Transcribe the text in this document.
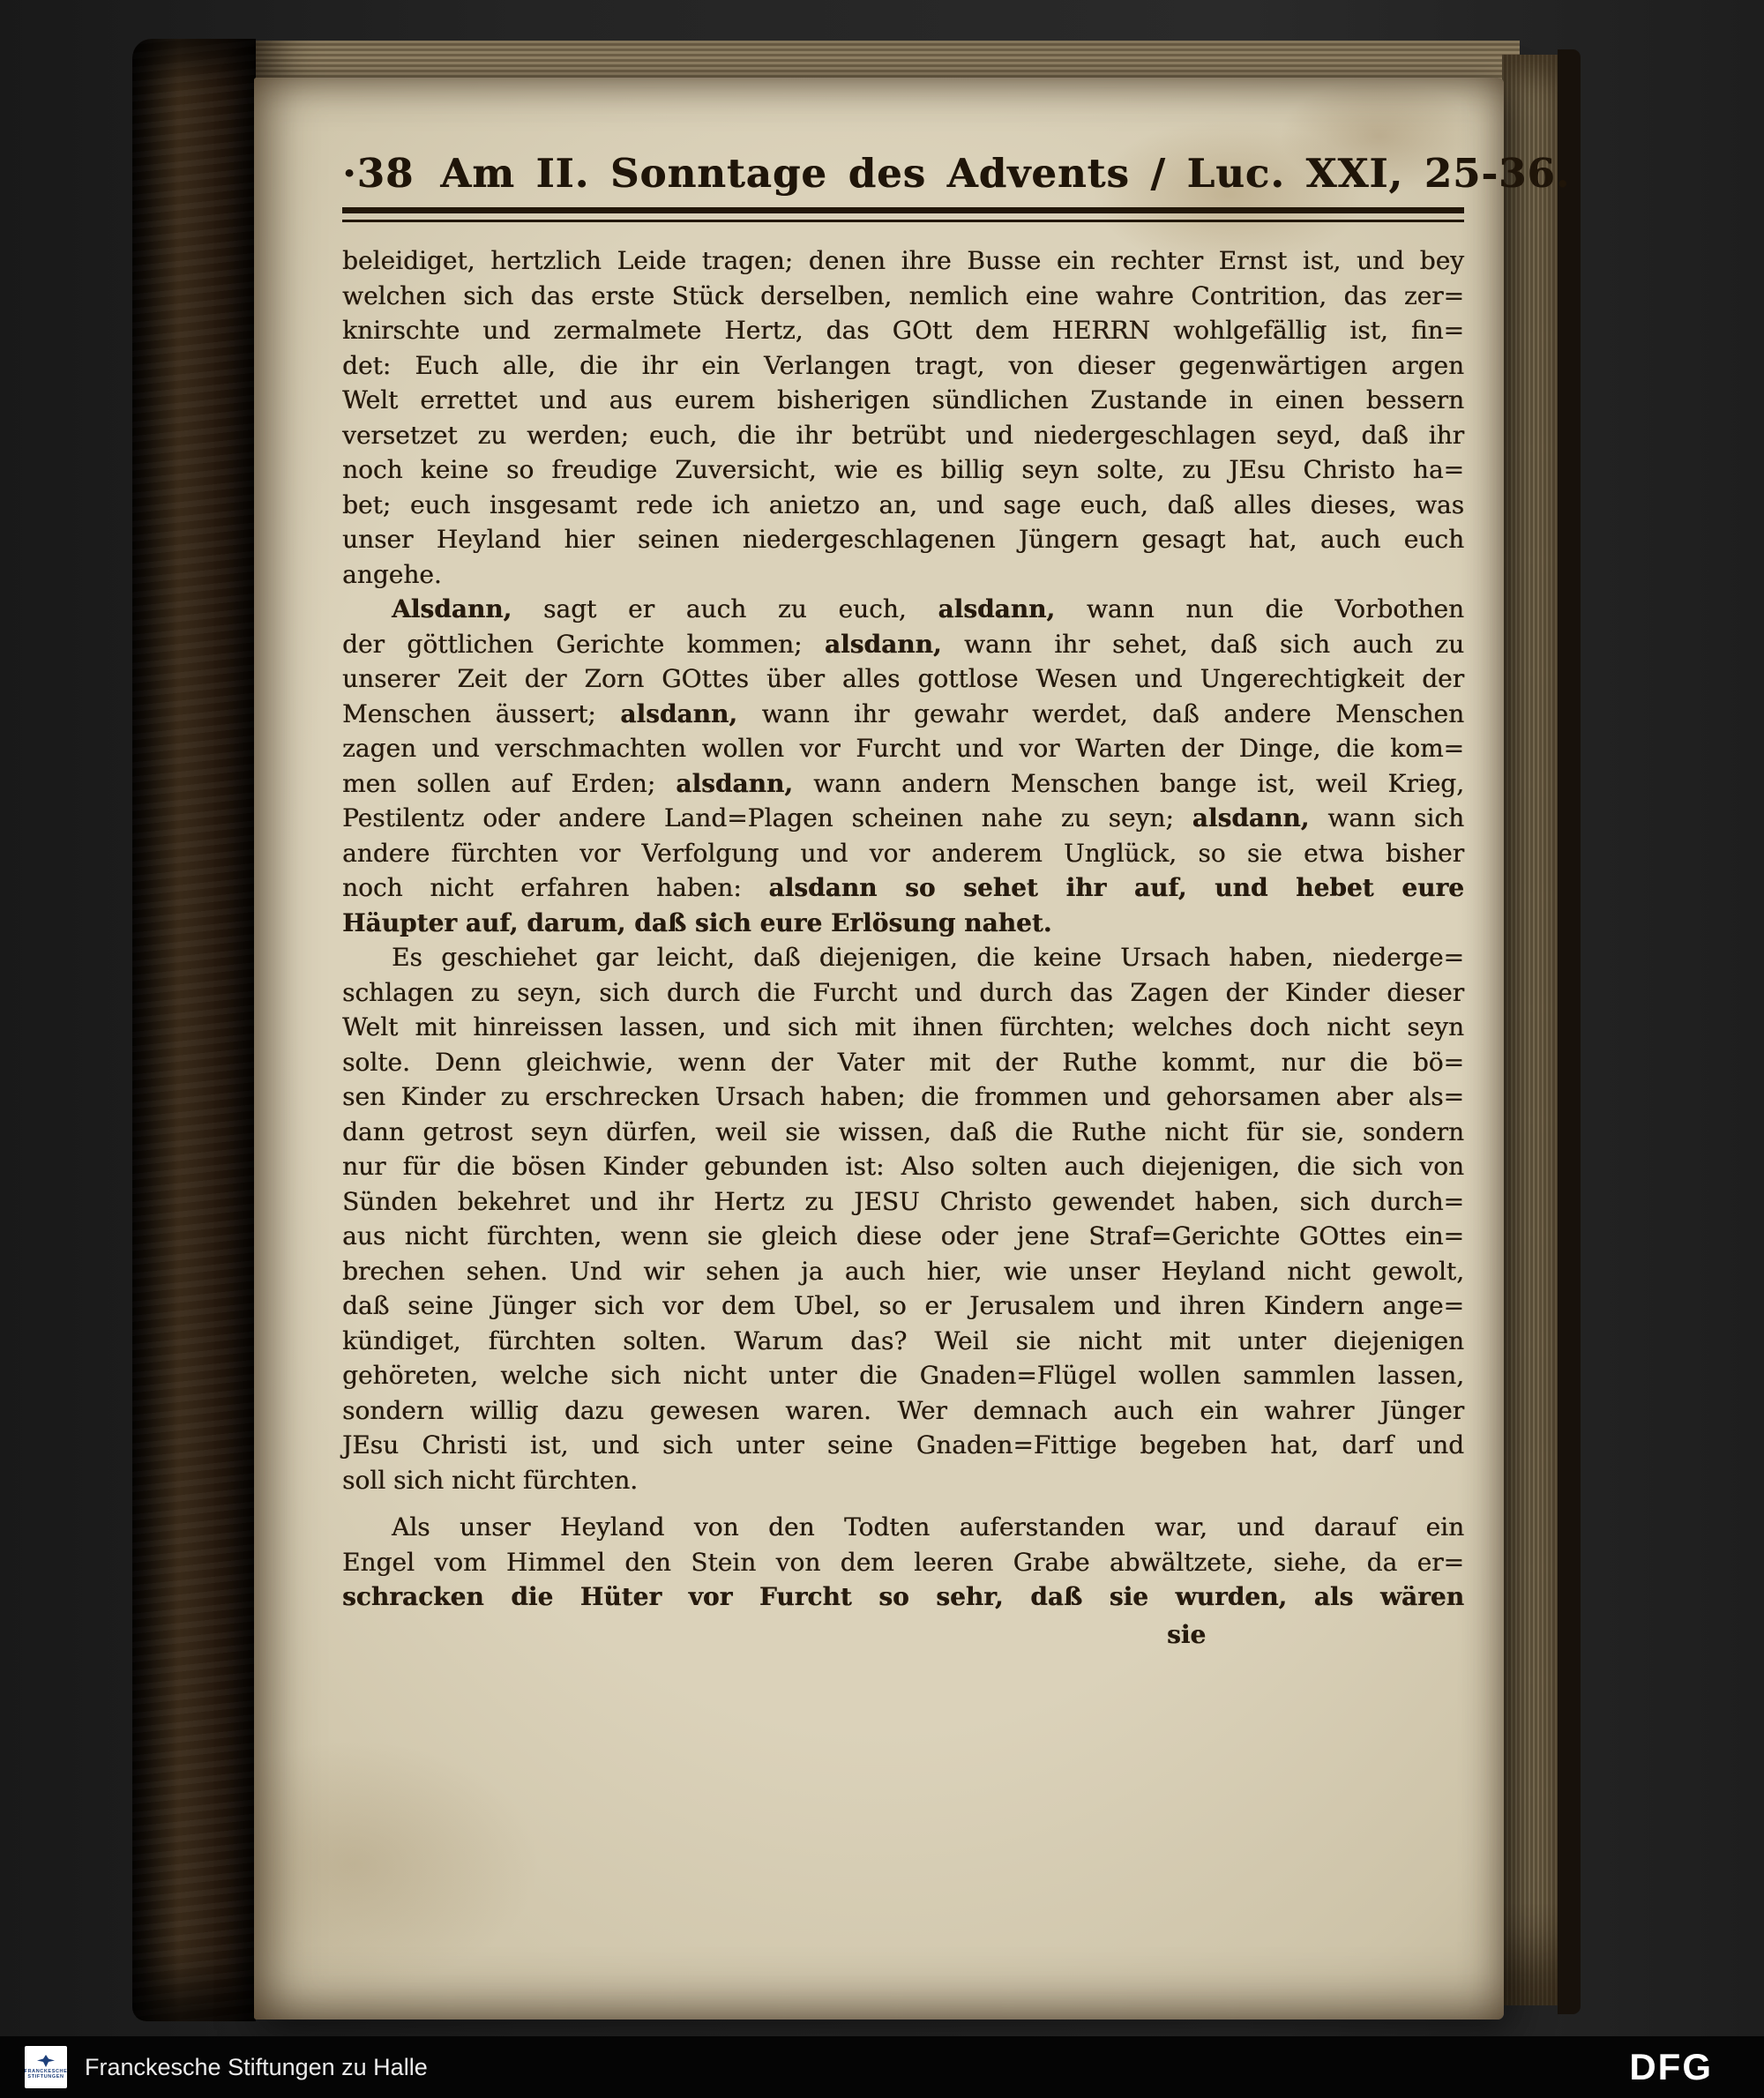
·38 Am II. Sonntage des Advents / Luc. XXI, 25-36.
beleidiget, hertzlich Leide tragen; denen ihre Busse ein rechter Ernst ist, und bey
welchen sich das erste Stück derselben, nemlich eine wahre Contrition, das zer=
knirschte und zermalmete Hertz, das GOtt dem HERRN wohlgefällig ist, fin=
det: Euch alle, die ihr ein Verlangen tragt, von dieser gegenwärtigen argen
Welt errettet und aus eurem bisherigen sündlichen Zustande in einen bessern
versetzet zu werden; euch, die ihr betrübt und niedergeschlagen seyd, daß ihr
noch keine so freudige Zuversicht, wie es billig seyn solte, zu JEsu Christo ha=
bet; euch insgesamt rede ich anietzo an, und sage euch, daß alles dieses, was
unser Heyland hier seinen niedergeschlagenen Jüngern gesagt hat, auch euch
angehe.
Alsdann, sagt er auch zu euch, alsdann, wann nun die Vorbothen
der göttlichen Gerichte kommen; alsdann, wann ihr sehet, daß sich auch zu
unserer Zeit der Zorn GOttes über alles gottlose Wesen und Ungerechtigkeit der
Menschen äussert; alsdann, wann ihr gewahr werdet, daß andere Menschen
zagen und verschmachten wollen vor Furcht und vor Warten der Dinge, die kom=
men sollen auf Erden; alsdann, wann andern Menschen bange ist, weil Krieg,
Pestilentz oder andere Land=Plagen scheinen nahe zu seyn; alsdann, wann sich
andere fürchten vor Verfolgung und vor anderem Unglück, so sie etwa bisher
noch nicht erfahren haben: alsdann so sehet ihr auf, und hebet eure
Häupter auf, darum, daß sich eure Erlösung nahet.
Es geschiehet gar leicht, daß diejenigen, die keine Ursach haben, niederge=
schlagen zu seyn, sich durch die Furcht und durch das Zagen der Kinder dieser
Welt mit hinreissen lassen, und sich mit ihnen fürchten; welches doch nicht seyn
solte. Denn gleichwie, wenn der Vater mit der Ruthe kommt, nur die bö=
sen Kinder zu erschrecken Ursach haben; die frommen und gehorsamen aber als=
dann getrost seyn dürfen, weil sie wissen, daß die Ruthe nicht für sie, sondern
nur für die bösen Kinder gebunden ist: Also solten auch diejenigen, die sich von
Sünden bekehret und ihr Hertz zu JESU Christo gewendet haben, sich durch=
aus nicht fürchten, wenn sie gleich diese oder jene Straf=Gerichte GOttes ein=
brechen sehen. Und wir sehen ja auch hier, wie unser Heyland nicht gewolt,
daß seine Jünger sich vor dem Ubel, so er Jerusalem und ihren Kindern ange=
kündiget, fürchten solten. Warum das? Weil sie nicht mit unter diejenigen
gehöreten, welche sich nicht unter die Gnaden=Flügel wollen sammlen lassen,
sondern willig dazu gewesen waren. Wer demnach auch ein wahrer Jünger
JEsu Christi ist, und sich unter seine Gnaden=Fittige begeben hat, darf und
soll sich nicht fürchten.
Als unser Heyland von den Todten auferstanden war, und darauf ein
Engel vom Himmel den Stein von dem leeren Grabe abwältzete, siehe, da er=
schracken die Hüter vor Furcht so sehr, daß sie wurden, als wären
sie
FRANCKESCHE
STIFTUNGEN Franckesche Stiftungen zu Halle	DFG
